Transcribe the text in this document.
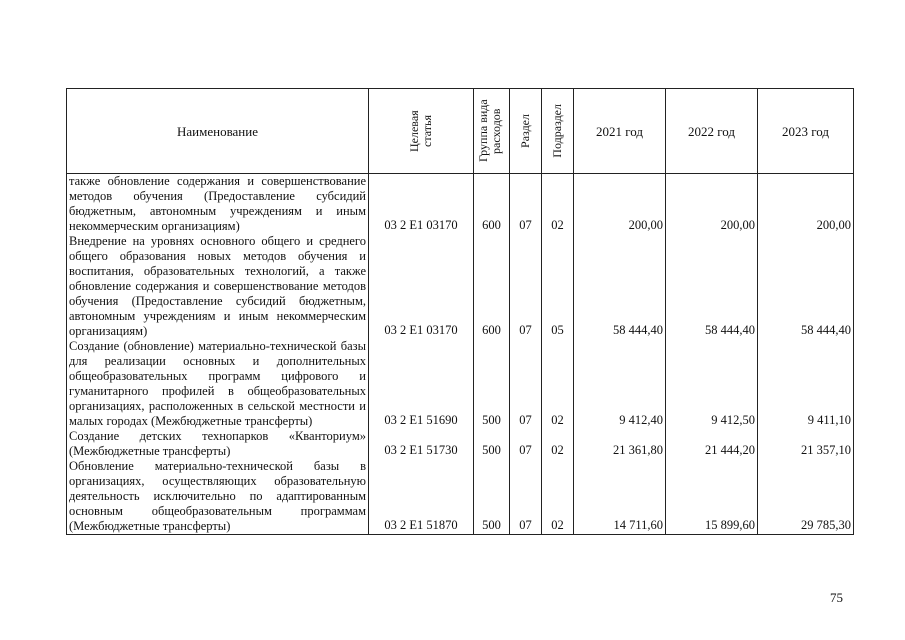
Наименование	Целевая статья	Группа вида расходов	Раздел	Подраздел	2021 год	2022 год	2023 год
также обновление содержания и совершенствование методов обучения (Предоставление субсидий бюджетным, автономным учреждениям и иным некоммерческим организациям)	03 2 Е1 03170	600	07	02	200,00	200,00	200,00
Внедрение на уровнях основного общего и среднего общего образования новых методов обучения и воспитания, образовательных технологий, а также обновление содержания и совершенствование методов обучения (Предоставление субсидий бюджетным, автономным учреждениям и иным некоммерческим организациям)	03 2 Е1 03170	600	07	05	58 444,40	58 444,40	58 444,40
Создание (обновление) материально-технической базы для реализации основных и дополнительных общеобразовательных программ цифрового и гуманитарного профилей в общеобразовательных организациях, расположенных в сельской местности и малых городах (Межбюджетные трансферты)	03 2 Е1 51690	500	07	02	9 412,40	9 412,50	9 411,10
Создание детских технопарков «Кванториум» (Межбюджетные трансферты)	03 2 Е1 51730	500	07	02	21 361,80	21 444,20	21 357,10
Обновление материально-технической базы в организациях, осуществляющих образовательную деятельность исключительно по адаптированным основным общеобразовательным программам (Межбюджетные трансферты)	03 2 Е1 51870	500	07	02	14 711,60	15 899,60	29 785,30
75
